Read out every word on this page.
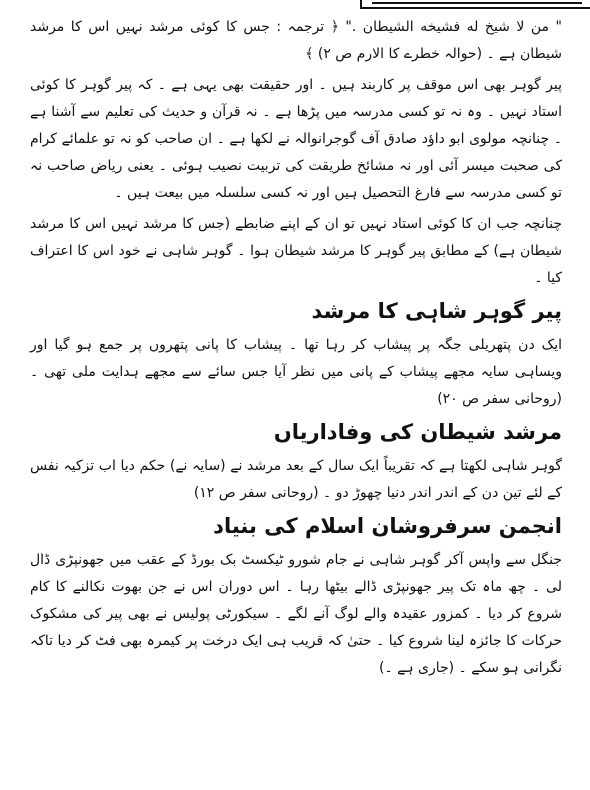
" من لا شیخ له فشیخه الشیطان ." ﴿ ترجمہ : جس کا کوئی مرشد نہیں اس کا مرشد شیطان ہے ۔ (حوالہ خطرے کا الارم ص ۲) ﴾

پیر گوہر بھی اس موقف پر کاربند ہیں ۔ اور حقیقت بھی یہی ہے ۔ کہ پیر گوہر کا کوئی استاد نہیں ۔ وہ نہ تو کسی مدرسہ میں پڑھا ہے ۔ نہ قرآن و حدیث کی تعلیم سے آشنا ہے ۔ چنانچہ مولوی ابو داؤد صادق آف گوجرانوالہ نے لکھا ہے ۔ ان صاحب کو نہ تو علمائے کرام کی صحبت میسر آئی اور نہ مشائخ طریقت کی تربیت نصیب ہوئی ۔ یعنی ریاض صاحب نہ تو کسی مدرسہ سے فارغ التحصیل ہیں اور نہ کسی سلسلہ میں بیعت ہیں ۔

چنانچہ جب ان کا کوئی استاد نہیں تو ان کے اپنے ضابطے (جس کا مرشد نہیں اس کا مرشد شیطان ہے) کے مطابق پیر گوہر کا مرشد شیطان ہوا ۔ گوہر شاہی نے خود اس کا اعتراف کیا ۔

پیر گوہر شاہی کا مرشد

ایک دن پتھریلی جگہ پر پیشاب کر رہا تھا ۔ پیشاب کا پانی پتھروں پر جمع ہو گیا اور ویساہی سایہ مجھے پیشاب کے پانی میں نظر آیا جس سائے سے مجھے ہدایت ملی تھی ۔ (روحانی سفر ص ۲۰)

مرشد شیطان کی وفاداریاں

گوہر شاہی لکھتا ہے کہ تقریباً ایک سال کے بعد مرشد نے (سایہ نے) حکم دیا اب تزکیہ نفس کے لئے تین دن کے اندر اندر دنیا چھوڑ دو ۔ (روحانی سفر ص ۱۲)

انجمن سرفروشان اسلام کی بنیاد

جنگل سے واپس آکر گوہر شاہی نے جام شورو ٹیکسٹ بک بورڈ کے عقب میں جھونپڑی ڈال لی ۔ چھ ماہ تک پیر جھونپڑی ڈالے بیٹھا رہا ۔ اس دوران اس نے جن بھوت نکالنے کا کام شروع کر دیا ۔ کمزور عقیدہ والے لوگ آنے لگے ۔ سیکورٹی پولیس نے بھی پیر کی مشکوک حرکات کا جائزہ لینا شروع کیا ۔ حتیٰ کہ قریب ہی ایک درخت پر کیمرہ بھی فٹ کر دیا تاکہ نگرانی ہو سکے ۔ (جاری ہے ۔)
